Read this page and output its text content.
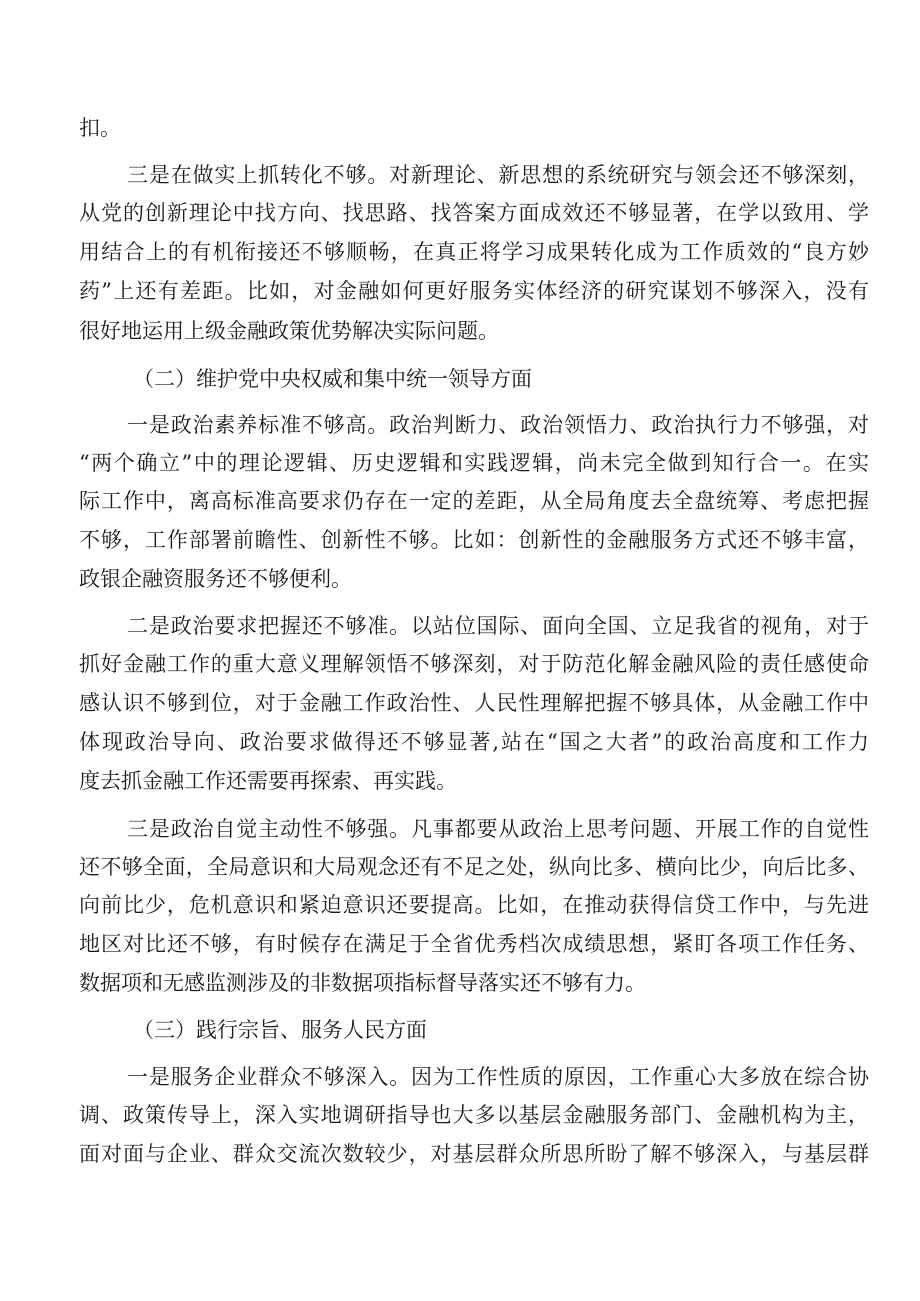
扣。

三是在做实上抓转化不够。对新理论、新思想的系统研究与领会还不够深刻，

从党的创新理论中找方向、找思路、找答案方面成效还不够显著，在学以致用、学

用结合上的有机衔接还不够顺畅，在真正将学习成果转化成为工作质效的“良方妙

药”上还有差距。比如，对金融如何更好服务实体经济的研究谋划不够深入，没有

很好地运用上级金融政策优势解决实际问题。

（二）维护党中央权威和集中统一领导方面

一是政治素养标准不够高。政治判断力、政治领悟力、政治执行力不够强，对

“两个确立”中的理论逻辑、历史逻辑和实践逻辑，尚未完全做到知行合一。在实

际工作中，离高标准高要求仍存在一定的差距，从全局角度去全盘统筹、考虑把握

不够，工作部署前瞻性、创新性不够。比如：创新性的金融服务方式还不够丰富，

政银企融资服务还不够便利。

二是政治要求把握还不够准。以站位国际、面向全国、立足我省的视角，对于

抓好金融工作的重大意义理解领悟不够深刻，对于防范化解金融风险的责任感使命

感认识不够到位，对于金融工作政治性、人民性理解把握不够具体，从金融工作中

体现政治导向、政治要求做得还不够显著,站在“国之大者”的政治高度和工作力

度去抓金融工作还需要再探索、再实践。

三是政治自觉主动性不够强。凡事都要从政治上思考问题、开展工作的自觉性

还不够全面，全局意识和大局观念还有不足之处，纵向比多、横向比少，向后比多、

向前比少，危机意识和紧迫意识还要提高。比如，在推动获得信贷工作中，与先进

地区对比还不够，有时候存在满足于全省优秀档次成绩思想，紧盯各项工作任务、

数据项和无感监测涉及的非数据项指标督导落实还不够有力。

（三）践行宗旨、服务人民方面

一是服务企业群众不够深入。因为工作性质的原因，工作重心大多放在综合协

调、政策传导上，深入实地调研指导也大多以基层金融服务部门、金融机构为主，

面对面与企业、群众交流次数较少，对基层群众所思所盼了解不够深入，与基层群
